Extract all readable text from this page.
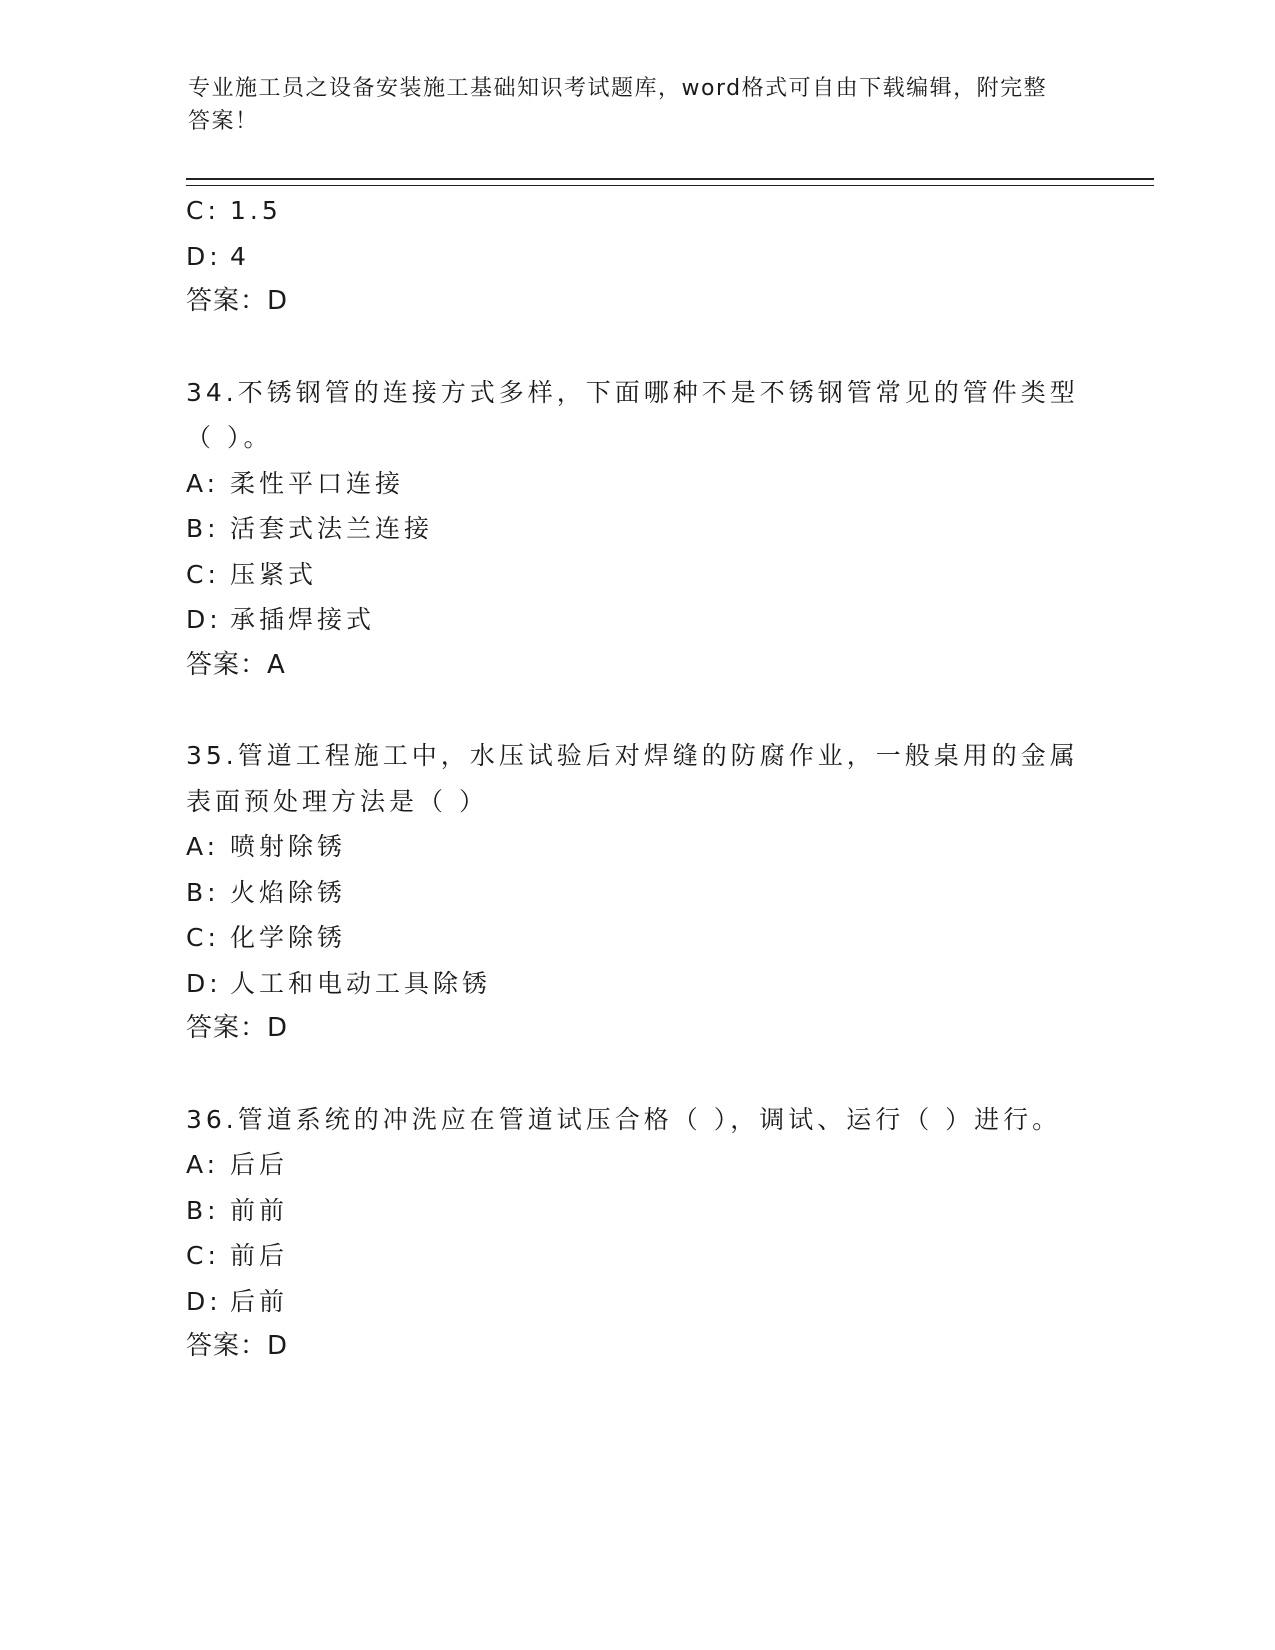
专业施工员之设备安装施工基础知识考试题库，word格式可自由下载编辑，附完整答案！
C: 1.5
D: 4
答案：D
34.不锈钢管的连接方式多样，下面哪种不是不锈钢管常见的管件类型（ ）。
A: 柔性平口连接
B: 活套式法兰连接
C: 压紧式
D: 承插焊接式
答案：A
35.管道工程施工中，水压试验后对焊缝的防腐作业，一般桌用的金属表面预处理方法是（ ）
A: 喷射除锈
B: 火焰除锈
C: 化学除锈
D: 人工和电动工具除锈
答案：D
36.管道系统的冲洗应在管道试压合格（ ），调试、运行（ ）进行。
A: 后后
B: 前前
C: 前后
D: 后前
答案：D
